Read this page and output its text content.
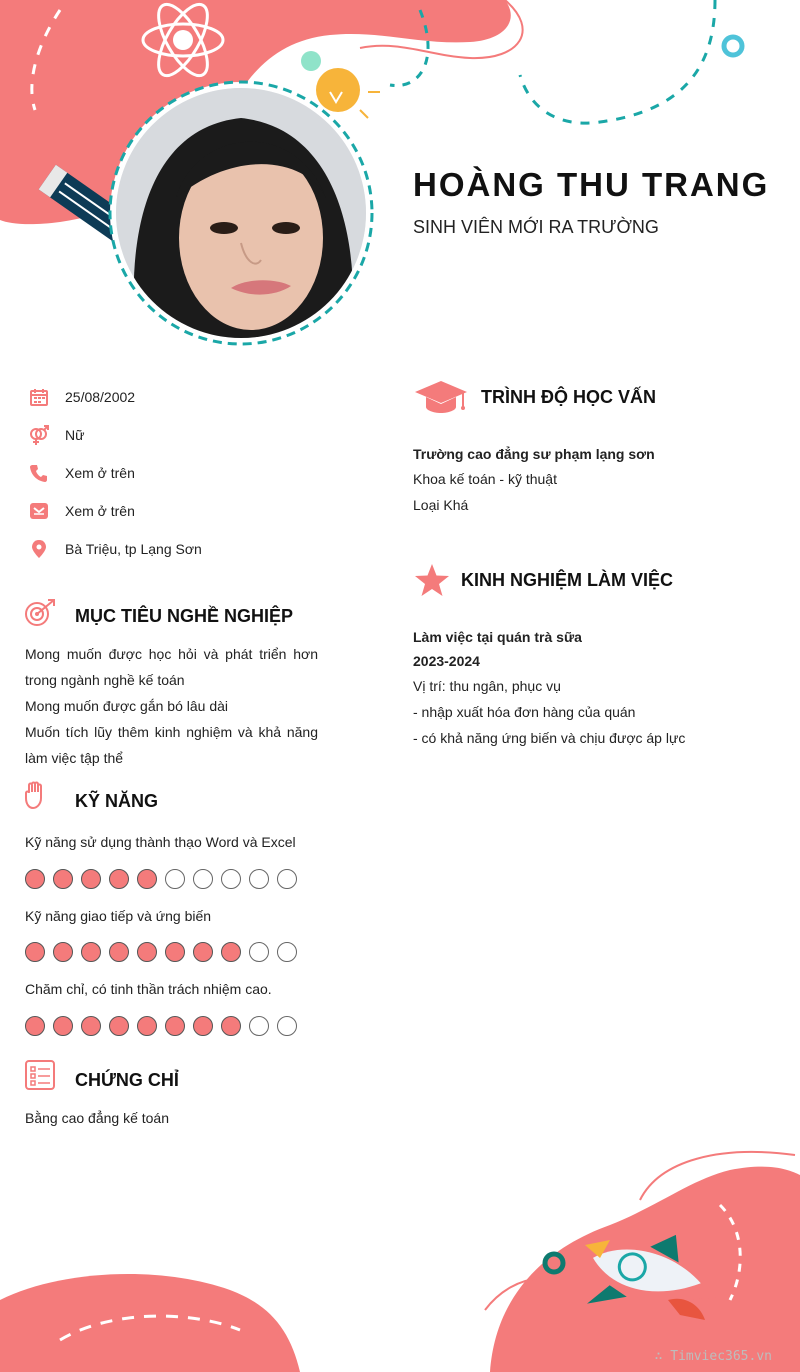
HOÀNG THU TRANG
SINH VIÊN MỚI RA TRƯỜNG
25/08/2002
Nữ
Xem ở trên
Xem ở trên
Bà Triệu, tp Lạng Sơn
MỤC TIÊU NGHỀ NGHIỆP
Mong muốn được học hỏi và phát triển hơn trong ngành nghề kế toán
Mong muốn được gắn bó lâu dài
Muốn tích lũy thêm kinh nghiệm và khả năng làm việc tập thể
KỸ NĂNG
Kỹ năng sử dụng thành thạo Word và Excel
Kỹ năng giao tiếp và ứng biến
Chăm chỉ, có tinh thần trách nhiệm cao.
CHỨNG CHỈ
Bằng cao đẳng kế toán
TRÌNH ĐỘ HỌC VẤN
Trường cao đẳng sư phạm lạng sơn
Khoa kế toán - kỹ thuật
Loại Khá
KINH NGHIỆM LÀM VIỆC
Làm việc tại quán trà sữa
2023-2024
Vị trí: thu ngân, phục vụ
- nhập xuất hóa đơn hàng của quán
- có khả năng ứng biến và chịu được áp lực
∴ Timviec365.vn
